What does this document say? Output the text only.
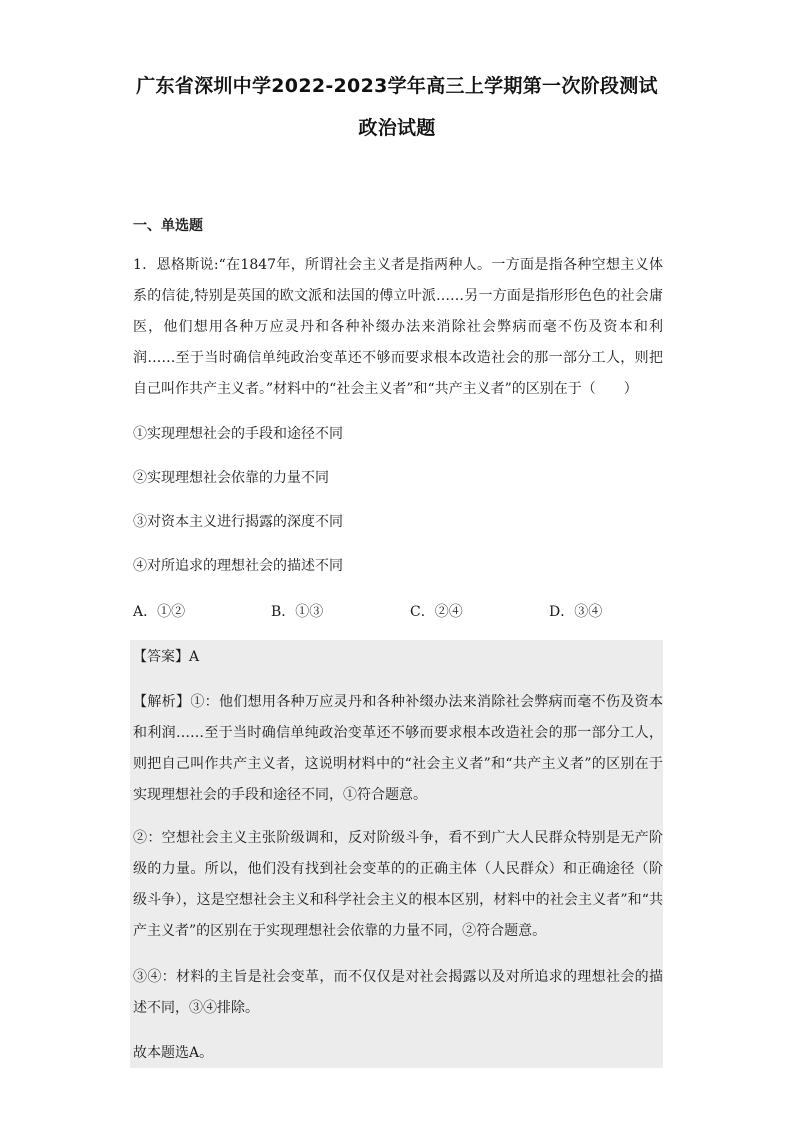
广东省深圳中学2022-2023学年高三上学期第一次阶段测试
政治试题
一、单选题
1．恩格斯说:“在1847年，所谓社会主义者是指两种人。一方面是指各种空想主义体系的信徒,特别是英国的欧文派和法国的傅立叶派……另一方面是指形形色色的社会庸医，他们想用各种万应灵丹和各种补缀办法来消除社会弊病而毫不伤及资本和利润……至于当时确信单纯政治变革还不够而要求根本改造社会的那一部分工人，则把自己叫作共产主义者。”材料中的“社会主义者”和“共产主义者”的区别在于（　　）
①实现理想社会的手段和途径不同
②实现理想社会依靠的力量不同
③对资本主义进行揭露的深度不同
④对所追求的理想社会的描述不同
A．①②	B．①③	C．②④	D．③④
【答案】A
【解析】①：他们想用各种万应灵丹和各种补缀办法来消除社会弊病而毫不伤及资本和利润……至于当时确信单纯政治变革还不够而要求根本改造社会的那一部分工人，则把自己叫作共产主义者，这说明材料中的“社会主义者”和“共产主义者”的区别在于实现理想社会的手段和途径不同，①符合题意。
②：空想社会主义主张阶级调和，反对阶级斗争，看不到广大人民群众特别是无产阶级的力量。所以，他们没有找到社会变革的的正确主体（人民群众）和正确途径（阶级斗争），这是空想社会主义和科学社会主义的根本区别，材料中的社会主义者”和“共产主义者”的区别在于实现理想社会依靠的力量不同，②符合题意。
③④：材料的主旨是社会变革，而不仅仅是对社会揭露以及对所追求的理想社会的描述不同，③④排除。
故本题选A。
